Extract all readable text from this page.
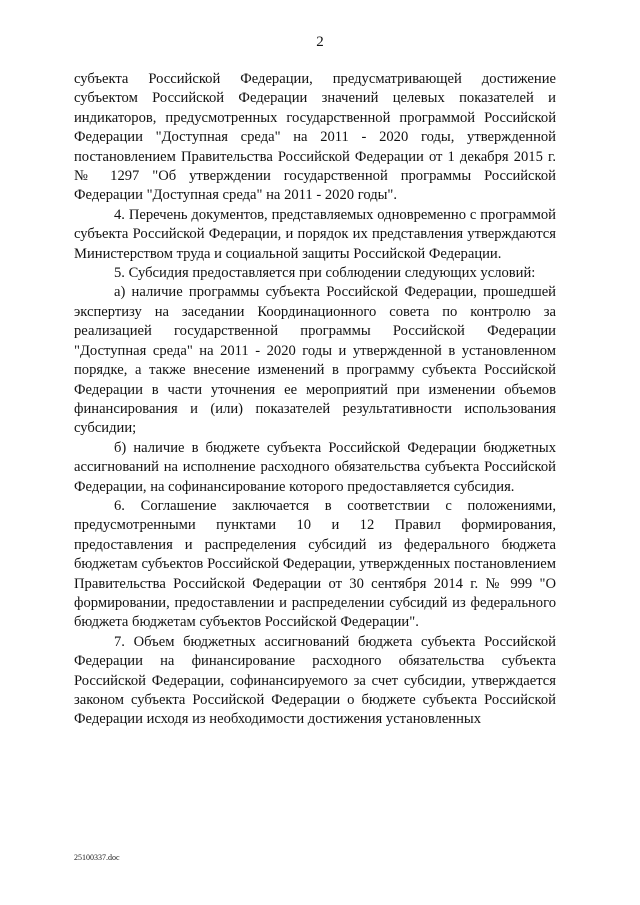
2

субъекта Российской Федерации, предусматривающей достижение субъектом Российской Федерации значений целевых показателей и индикаторов, предусмотренных государственной программой Российской Федерации "Доступная среда" на 2011 - 2020 годы, утвержденной постановлением Правительства Российской Федерации от 1 декабря 2015 г. № 1297 "Об утверждении государственной программы Российской Федерации "Доступная среда" на 2011 - 2020 годы".

4. Перечень документов, представляемых одновременно с программой субъекта Российской Федерации, и порядок их представления утверждаются Министерством труда и социальной защиты Российской Федерации.

5. Субсидия предоставляется при соблюдении следующих условий:

а) наличие программы субъекта Российской Федерации, прошедшей экспертизу на заседании Координационного совета по контролю за реализацией государственной программы Российской Федерации "Доступная среда" на 2011 - 2020 годы и утвержденной в установленном порядке, а также внесение изменений в программу субъекта Российской Федерации в части уточнения ее мероприятий при изменении объемов финансирования и (или) показателей результативности использования субсидии;

б) наличие в бюджете субъекта Российской Федерации бюджетных ассигнований на исполнение расходного обязательства субъекта Российской Федерации, на софинансирование которого предоставляется субсидия.

6. Соглашение заключается в соответствии с положениями, предусмотренными пунктами 10 и 12 Правил формирования, предоставления и распределения субсидий из федерального бюджета бюджетам субъектов Российской Федерации, утвержденных постановлением Правительства Российской Федерации от 30 сентября 2014 г. № 999 "О формировании, предоставлении и распределении субсидий из федерального бюджета бюджетам субъектов Российской Федерации".

7. Объем бюджетных ассигнований бюджета субъекта Российской Федерации на финансирование расходного обязательства субъекта Российской Федерации, софинансируемого за счет субсидии, утверждается законом субъекта Российской Федерации о бюджете субъекта Российской Федерации исходя из необходимости достижения установленных

25100337.doc
